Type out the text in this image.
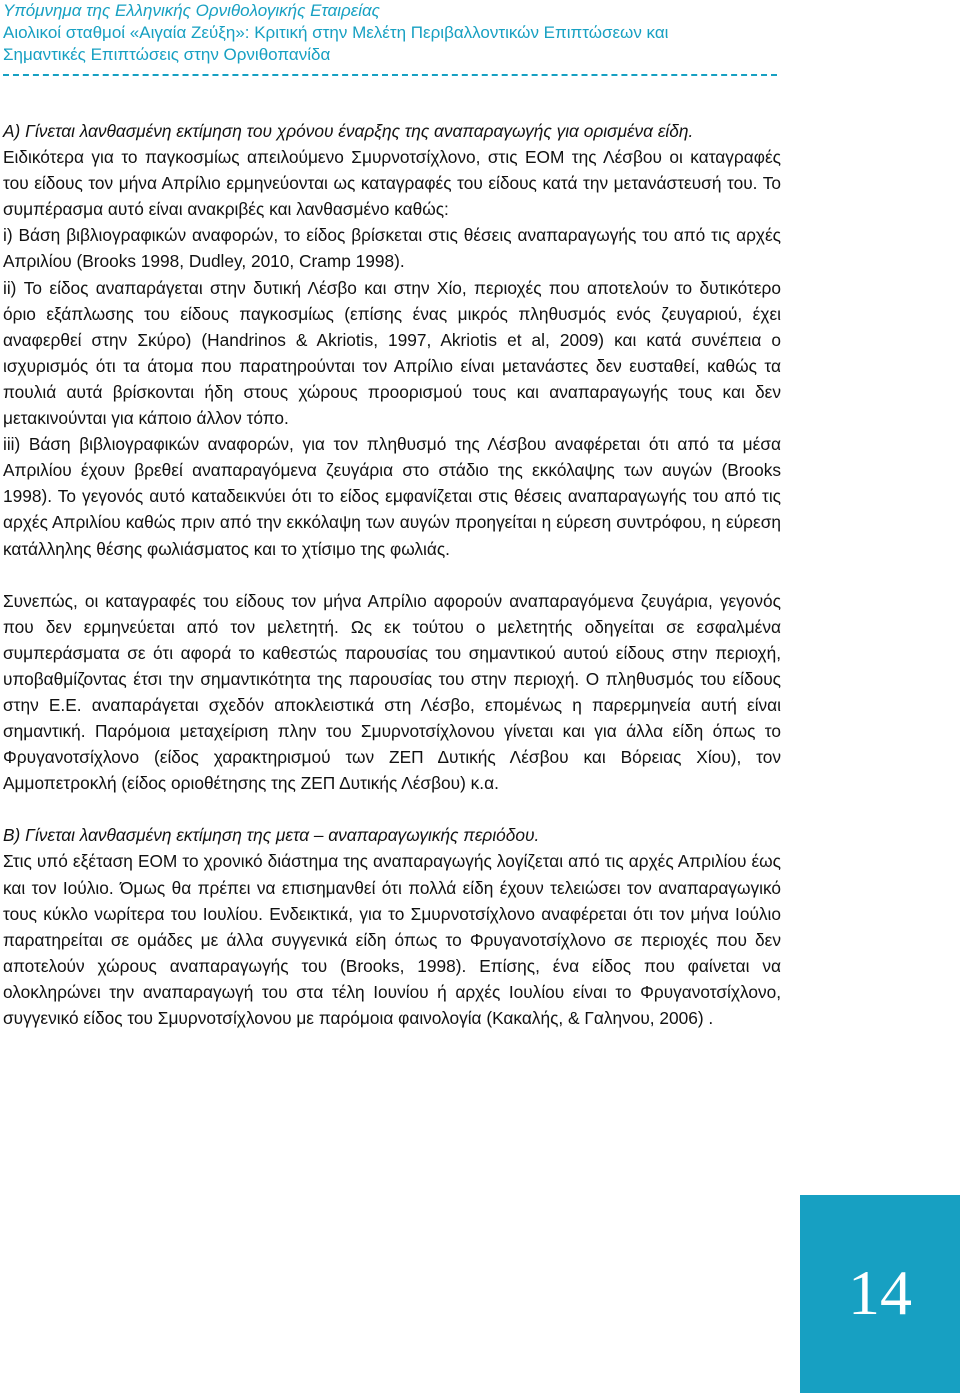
Υπόμνημα της Ελληνικής Ορνιθολογικής Εταιρείας
Αιολικοί σταθμοί «Αιγαία Ζεύξη»: Κριτική στην Μελέτη Περιβαλλοντικών Επιπτώσεων και
Σημαντικές Επιπτώσεις στην Ορνιθοπανίδα

Α) Γίνεται λανθασμένη εκτίμηση του χρόνου έναρξης της αναπαραγωγής για ορισμένα είδη.

Ειδικότερα για το παγκοσμίως απειλούμενο Σμυρνοτσίχλονο, στις ΕΟΜ της Λέσβου οι καταγραφές του είδους τον μήνα Απρίλιο ερμηνεύονται ως καταγραφές του είδους κατά την μετανάστευσή του. Το συμπέρασμα αυτό είναι ανακριβές και λανθασμένο καθώς:

i) Βάση βιβλιογραφικών αναφορών, το είδος βρίσκεται στις θέσεις αναπαραγωγής του από τις αρχές Απριλίου (Brooks 1998, Dudley, 2010, Cramp 1998).

ii) Το είδος αναπαράγεται στην δυτική Λέσβο και στην Χίο, περιοχές που αποτελούν το δυτικότερο όριο εξάπλωσης του είδους παγκοσμίως (επίσης ένας μικρός πληθυσμός ενός ζευγαριού, έχει αναφερθεί στην Σκύρο) (Handrinos & Akriotis, 1997, Akriotis et al, 2009) και κατά συνέπεια ο ισχυρισμός ότι τα άτομα που παρατηρούνται τον Απρίλιο είναι μετανάστες δεν ευσταθεί, καθώς τα πουλιά αυτά βρίσκονται ήδη στους χώρους προορισμού τους και αναπαραγωγής τους και δεν μετακινούνται για κάποιο άλλον τόπο.

iii) Βάση βιβλιογραφικών αναφορών, για τον πληθυσμό της Λέσβου αναφέρεται ότι από τα μέσα Απριλίου έχουν βρεθεί αναπαραγόμενα ζευγάρια στο στάδιο της εκκόλαψης των αυγών (Brooks 1998). Το γεγονός αυτό καταδεικνύει ότι το είδος εμφανίζεται στις θέσεις αναπαραγωγής του από τις αρχές Απριλίου καθώς πριν από την εκκόλαψη των αυγών προηγείται η εύρεση συντρόφου, η εύρεση κατάλληλης θέσης φωλιάσματος και το χτίσιμο της φωλιάς.

Συνεπώς, οι καταγραφές του είδους τον μήνα Απρίλιο αφορούν αναπαραγόμενα ζευγάρια, γεγονός που δεν ερμηνεύεται από τον μελετητή. Ως εκ τούτου ο μελετητής οδηγείται σε εσφαλμένα συμπεράσματα σε ότι αφορά το καθεστώς παρουσίας του σημαντικού αυτού είδους στην περιοχή, υποβαθμίζοντας έτσι την σημαντικότητα της παρουσίας του στην περιοχή. Ο πληθυσμός του είδους στην Ε.Ε. αναπαράγεται σχεδόν αποκλειστικά στη Λέσβο, επομένως η παρερμηνεία αυτή είναι σημαντική. Παρόμοια μεταχείριση πλην του Σμυρνοτσίχλονου γίνεται και για άλλα είδη όπως το Φρυγανοτσίχλονο (είδος χαρακτηρισμού των ΖΕΠ Δυτικής Λέσβου και Βόρειας Χίου), τον Αμμοπετροκλή (είδος οριοθέτησης της ΖΕΠ Δυτικής Λέσβου) κ.α.

Β) Γίνεται λανθασμένη εκτίμηση της μετα – αναπαραγωγικής περιόδου.

Στις υπό εξέταση ΕΟΜ το χρονικό διάστημα της αναπαραγωγής λογίζεται από τις αρχές Απριλίου έως και τον Ιούλιο. Όμως θα πρέπει να επισημανθεί ότι πολλά είδη έχουν τελειώσει τον αναπαραγωγικό τους κύκλο νωρίτερα του Ιουλίου. Ενδεικτικά, για το Σμυρνοτσίχλονο αναφέρεται ότι τον μήνα Ιούλιο παρατηρείται σε ομάδες με άλλα συγγενικά είδη όπως το Φρυγανοτσίχλονο σε περιοχές που δεν αποτελούν χώρους αναπαραγωγής του (Brooks, 1998). Επίσης, ένα είδος που φαίνεται να ολοκληρώνει την αναπαραγωγή του στα τέλη Ιουνίου ή αρχές Ιουλίου είναι το Φρυγανοτσίχλονο, συγγενικό είδος του Σμυρνοτσίχλονου με παρόμοια φαινολογία (Κακαλής, & Γαληνου, 2006) .

14
